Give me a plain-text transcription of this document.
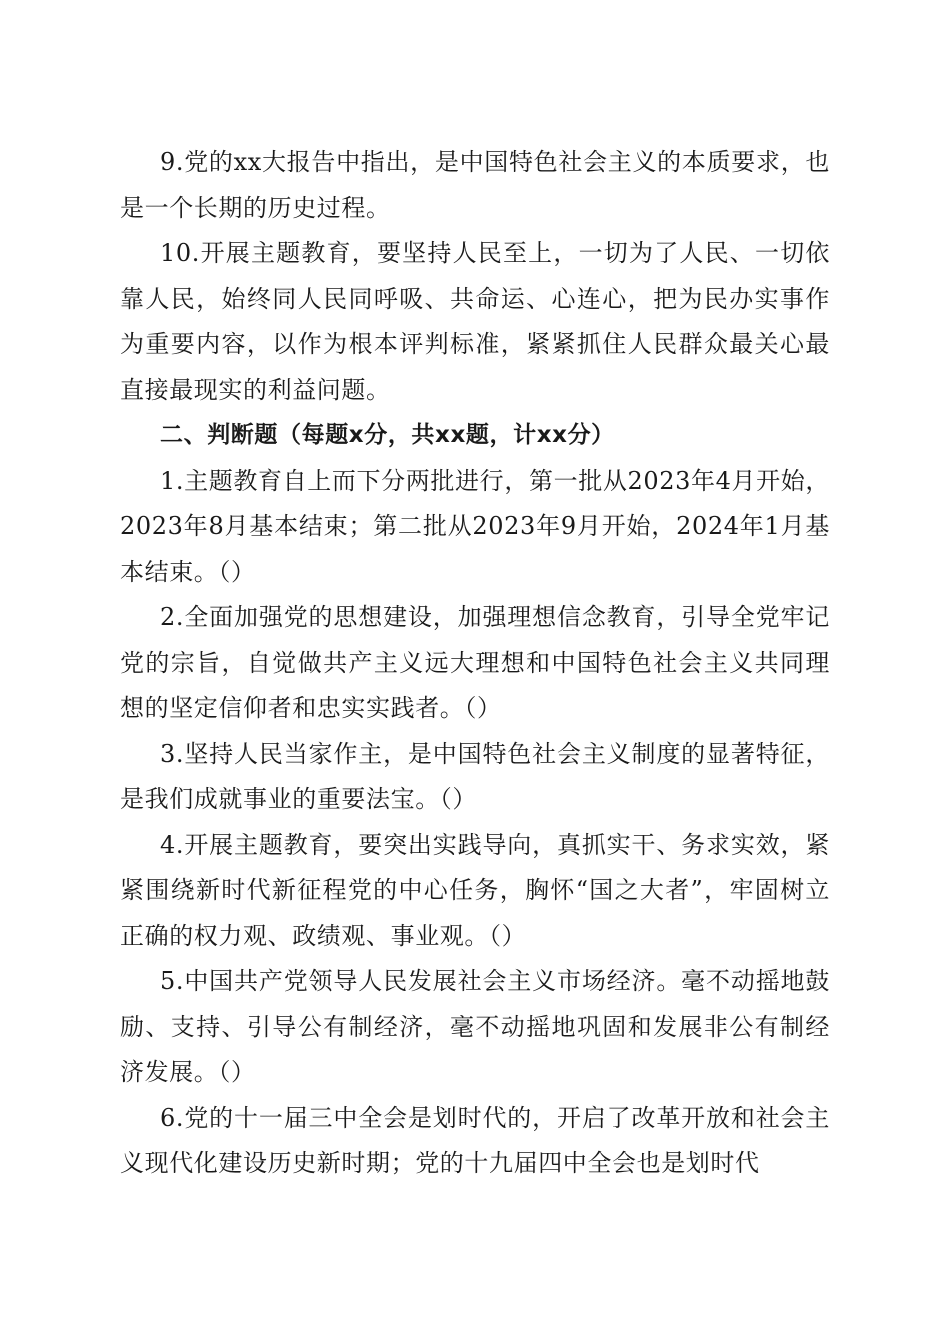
9.党的xx大报告中指出，是中国特色社会主义的本质要求，也是一个长期的历史过程。

10.开展主题教育，要坚持人民至上，一切为了人民、一切依靠人民，始终同人民同呼吸、共命运、心连心，把为民办实事作为重要内容，以作为根本评判标准，紧紧抓住人民群众最关心最直接最现实的利益问题。

二、判断题（每题x分，共xx题，计xx分）

1.主题教育自上而下分两批进行，第一批从2023年4月开始，2023年8月基本结束；第二批从2023年9月开始，2024年1月基本结束。（）

2.全面加强党的思想建设，加强理想信念教育，引导全党牢记党的宗旨，自觉做共产主义远大理想和中国特色社会主义共同理想的坚定信仰者和忠实实践者。（）

3.坚持人民当家作主，是中国特色社会主义制度的显著特征，是我们成就事业的重要法宝。（）

4.开展主题教育，要突出实践导向，真抓实干、务求实效，紧紧围绕新时代新征程党的中心任务，胸怀“国之大者”，牢固树立正确的权力观、政绩观、事业观。（）

5.中国共产党领导人民发展社会主义市场经济。毫不动摇地鼓励、支持、引导公有制经济，毫不动摇地巩固和发展非公有制经济发展。（）

6.党的十一届三中全会是划时代的，开启了改革开放和社会主义现代化建设历史新时期；党的十九届四中全会也是划时代
